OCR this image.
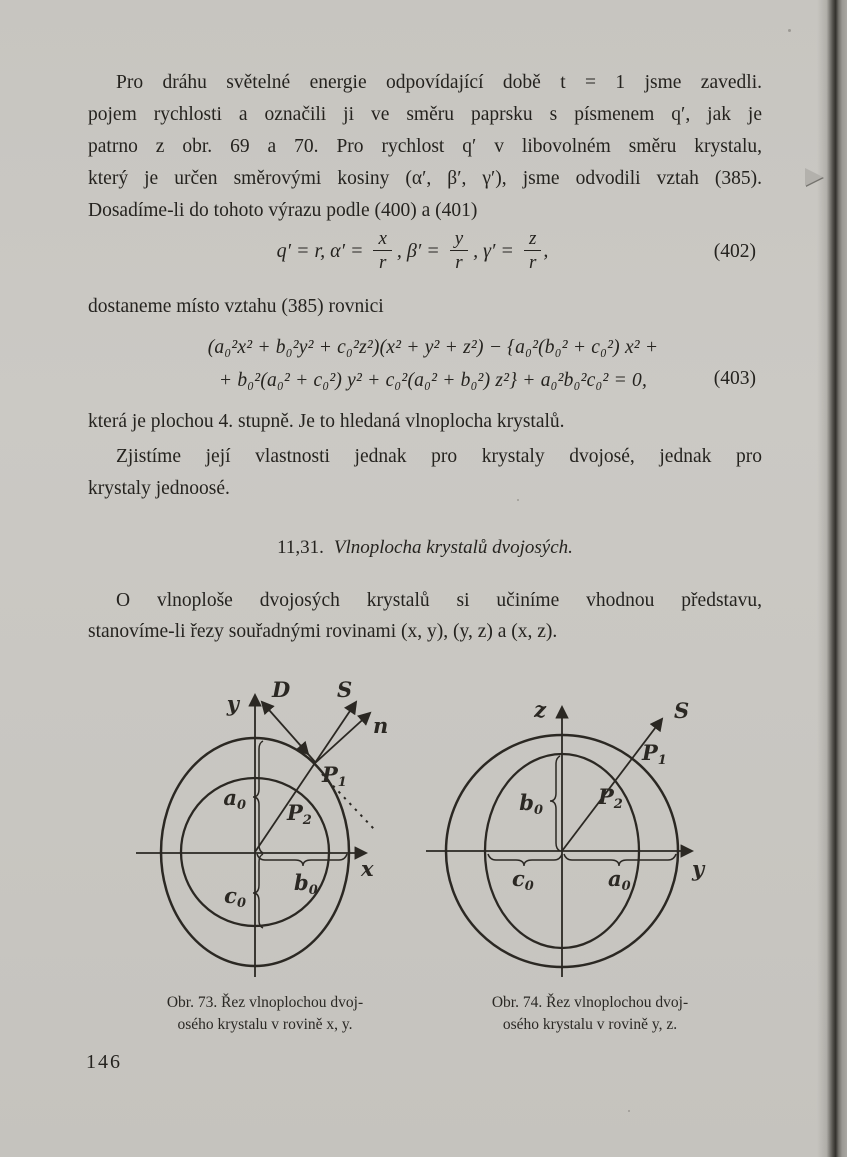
Pro dráhu světelné energie odpovídající době t = 1 jsme zavedli.
pojem rychlosti a označili ji ve směru paprsku s písmenem q′, jak je
patrno z obr. 69 a 70. Pro rychlost q′ v libovolném směru krystalu,
který je určen směrovými kosiny (α′, β′, γ′), jsme odvodili vztah (385).
Dosadíme-li do tohoto výrazu podle (400) a (401)
q′ = r, $\alpha' = \frac{x}{r}$ , $\beta' = \frac{y}{r}$ , $\gamma' = \frac{z}{r}$ ,	(402)
dostaneme místo vztahu (385) rovnici
(a₀²x² + b₀²y² + c₀²z²)(x² + y² + z²) − {a₀²(b₀² + c₀²) x² +
+ b₀²(a₀² + c₀²) y² + c₀²(a₀² + b₀²) z²} + a₀²b₀²c₀² = 0,	(403)
která je plochou 4. stupně. Je to hledaná vlnoplocha krystalů.
Zjistíme její vlastnosti jednak pro krystaly dvojosé, jednak pro
krystaly jednoosé.
11,31. Vlnoplocha krystalů dvojosých.
O vlnoploše dvojosých krystalů si učiníme vhodnou představu,
stanovíme-li řezy souřadnými rovinami (x, y), (y, z) a (x, z).
y
x
D S
n
P1
P2
a0
b0
c0
z
y
S
P1
P2
b0
c0	a0
Obr. 73. Řez vlnoplochou dvoj-
osého krystalu v rovině x, y.
Obr. 74. Řez vlnoplochou dvoj-
osého krystalu v rovině y, z.
146
